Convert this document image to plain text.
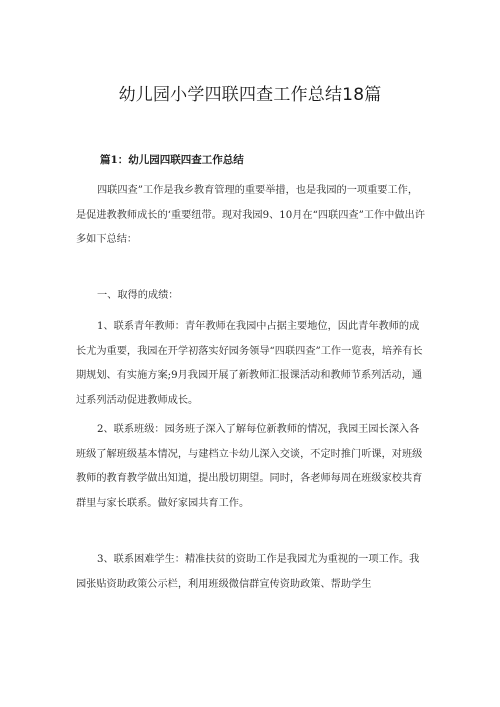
幼儿园小学四联四查工作总结18篇
篇1：幼儿园四联四查工作总结

四联四查”工作是我乡教育管理的重要举措，也是我园的一项重要工作，是促进教教师成长的‘重要纽带。现对我园9、10月在“四联四查”工作中做出许多如下总结：

一、取得的成绩：

1、联系青年教师：青年教师在我园中占据主要地位，因此青年教师的成长尤为重要，我园在开学初落实好园务领导“四联四查”工作一览表，培养有长期规划、有实施方案;9月我园开展了新教师汇报课活动和教师节系列活动，通过系列活动促进教师成长。

2、联系班级：园务班子深入了解每位新教师的情况，我园王园长深入各班级了解班级基本情况，与建档立卡幼儿深入交谈，不定时推门听课，对班级教师的教育教学做出知道，提出殷切期望。同时，各老师每周在班级家校共育群里与家长联系。做好家园共育工作。

3、联系困难学生：精准扶贫的资助工作是我园尤为重视的一项工作。我园张贴资助政策公示栏，利用班级微信群宣传资助政策、帮助学生
